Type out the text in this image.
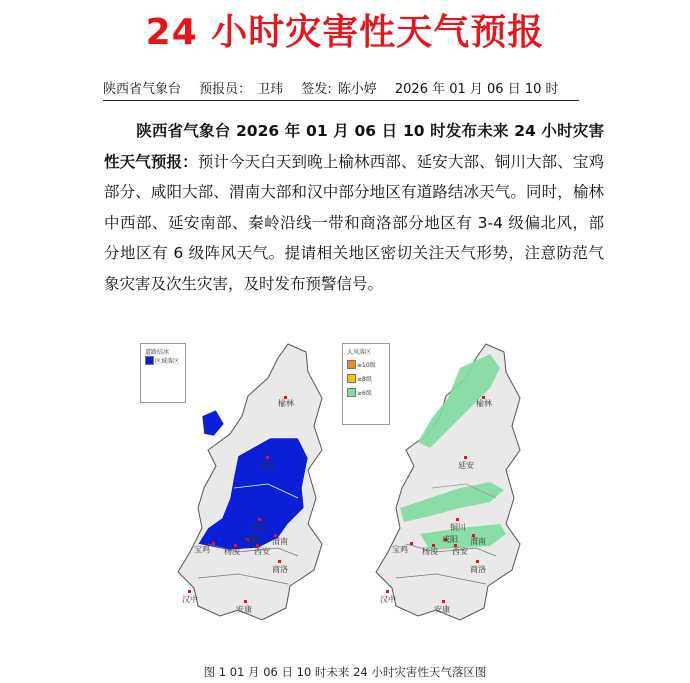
24 小时灾害性天气预报
陕西省气象台 预报员： 卫玮 签发: 陈小婷 2026 年 01 月 06 日 10 时
陕西省气象台 2026 年 01 月 06 日 10 时发布未来 24 小时灾害性天气预报：预计今天白天到晚上榆林西部、延安大部、铜川大部、宝鸡部分、咸阳大部、渭南大部和汉中部分地区有道路结冰天气。同时，榆林中西部、延安南部、秦岭沿线一带和商洛部分地区有 3-4 级偏北风，部分地区有 6 级阵风天气。提请相关地区密切关注天气形势，注意防范气象灾害及次生灾害，及时发布预警信号。
榆林
延安
铜川
宝鸡 杨凌
咸阳
西安
渭南
商洛
汉中
安康
道路结冰
区域落区
榆林
延安
铜川
宝鸡 杨凌
咸阳
西安
渭南
商洛
汉中
安康
大风落区
≥10级
≥8级
≥6级
图 1 01 月 06 日 10 时未来 24 小时灾害性天气落区图
